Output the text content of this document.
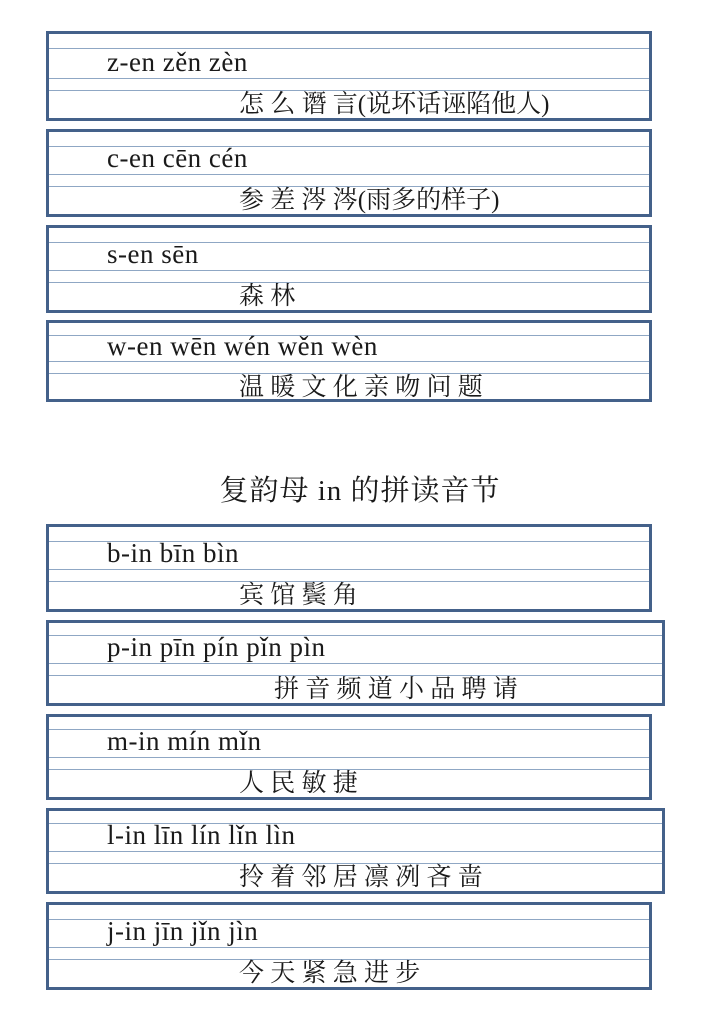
z-en zěn zèn
怎 么 谮 言(说坏话诬陷他人)
c-en cēn cén
参 差 涔 涔(雨多的样子)
s-en sēn
森 林
w-en wēn wén wěn wèn
温 暖 文 化 亲 吻 问 题
复韵母 in 的拼读音节
b-in bīn bìn
宾 馆 鬓 角
p-in pīn pín pǐn pìn
拼 音 频 道 小 品 聘 请
m-in mín mǐn
人 民 敏 捷
l-in līn lín lǐn lìn
拎 着 邻 居 凛 冽 吝 啬
j-in jīn jǐn jìn
今 天 紧 急 进 步
